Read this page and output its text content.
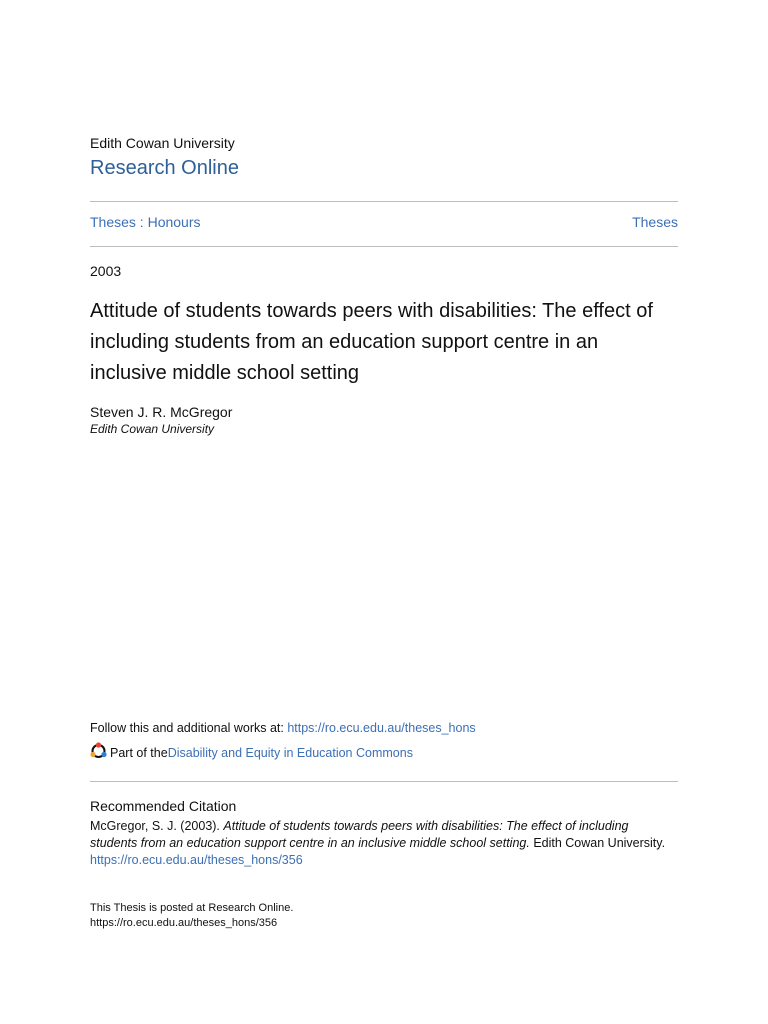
Edith Cowan University
Research Online
Theses : Honours	Theses
2003
Attitude of students towards peers with disabilities: The effect of including students from an education support centre in an inclusive middle school setting
Steven J. R. McGregor
Edith Cowan University
Follow this and additional works at: https://ro.ecu.edu.au/theses_hons
Part of the Disability and Equity in Education Commons
Recommended Citation
McGregor, S. J. (2003). Attitude of students towards peers with disabilities: The effect of including students from an education support centre in an inclusive middle school setting. Edith Cowan University.
https://ro.ecu.edu.au/theses_hons/356
This Thesis is posted at Research Online.
https://ro.ecu.edu.au/theses_hons/356
